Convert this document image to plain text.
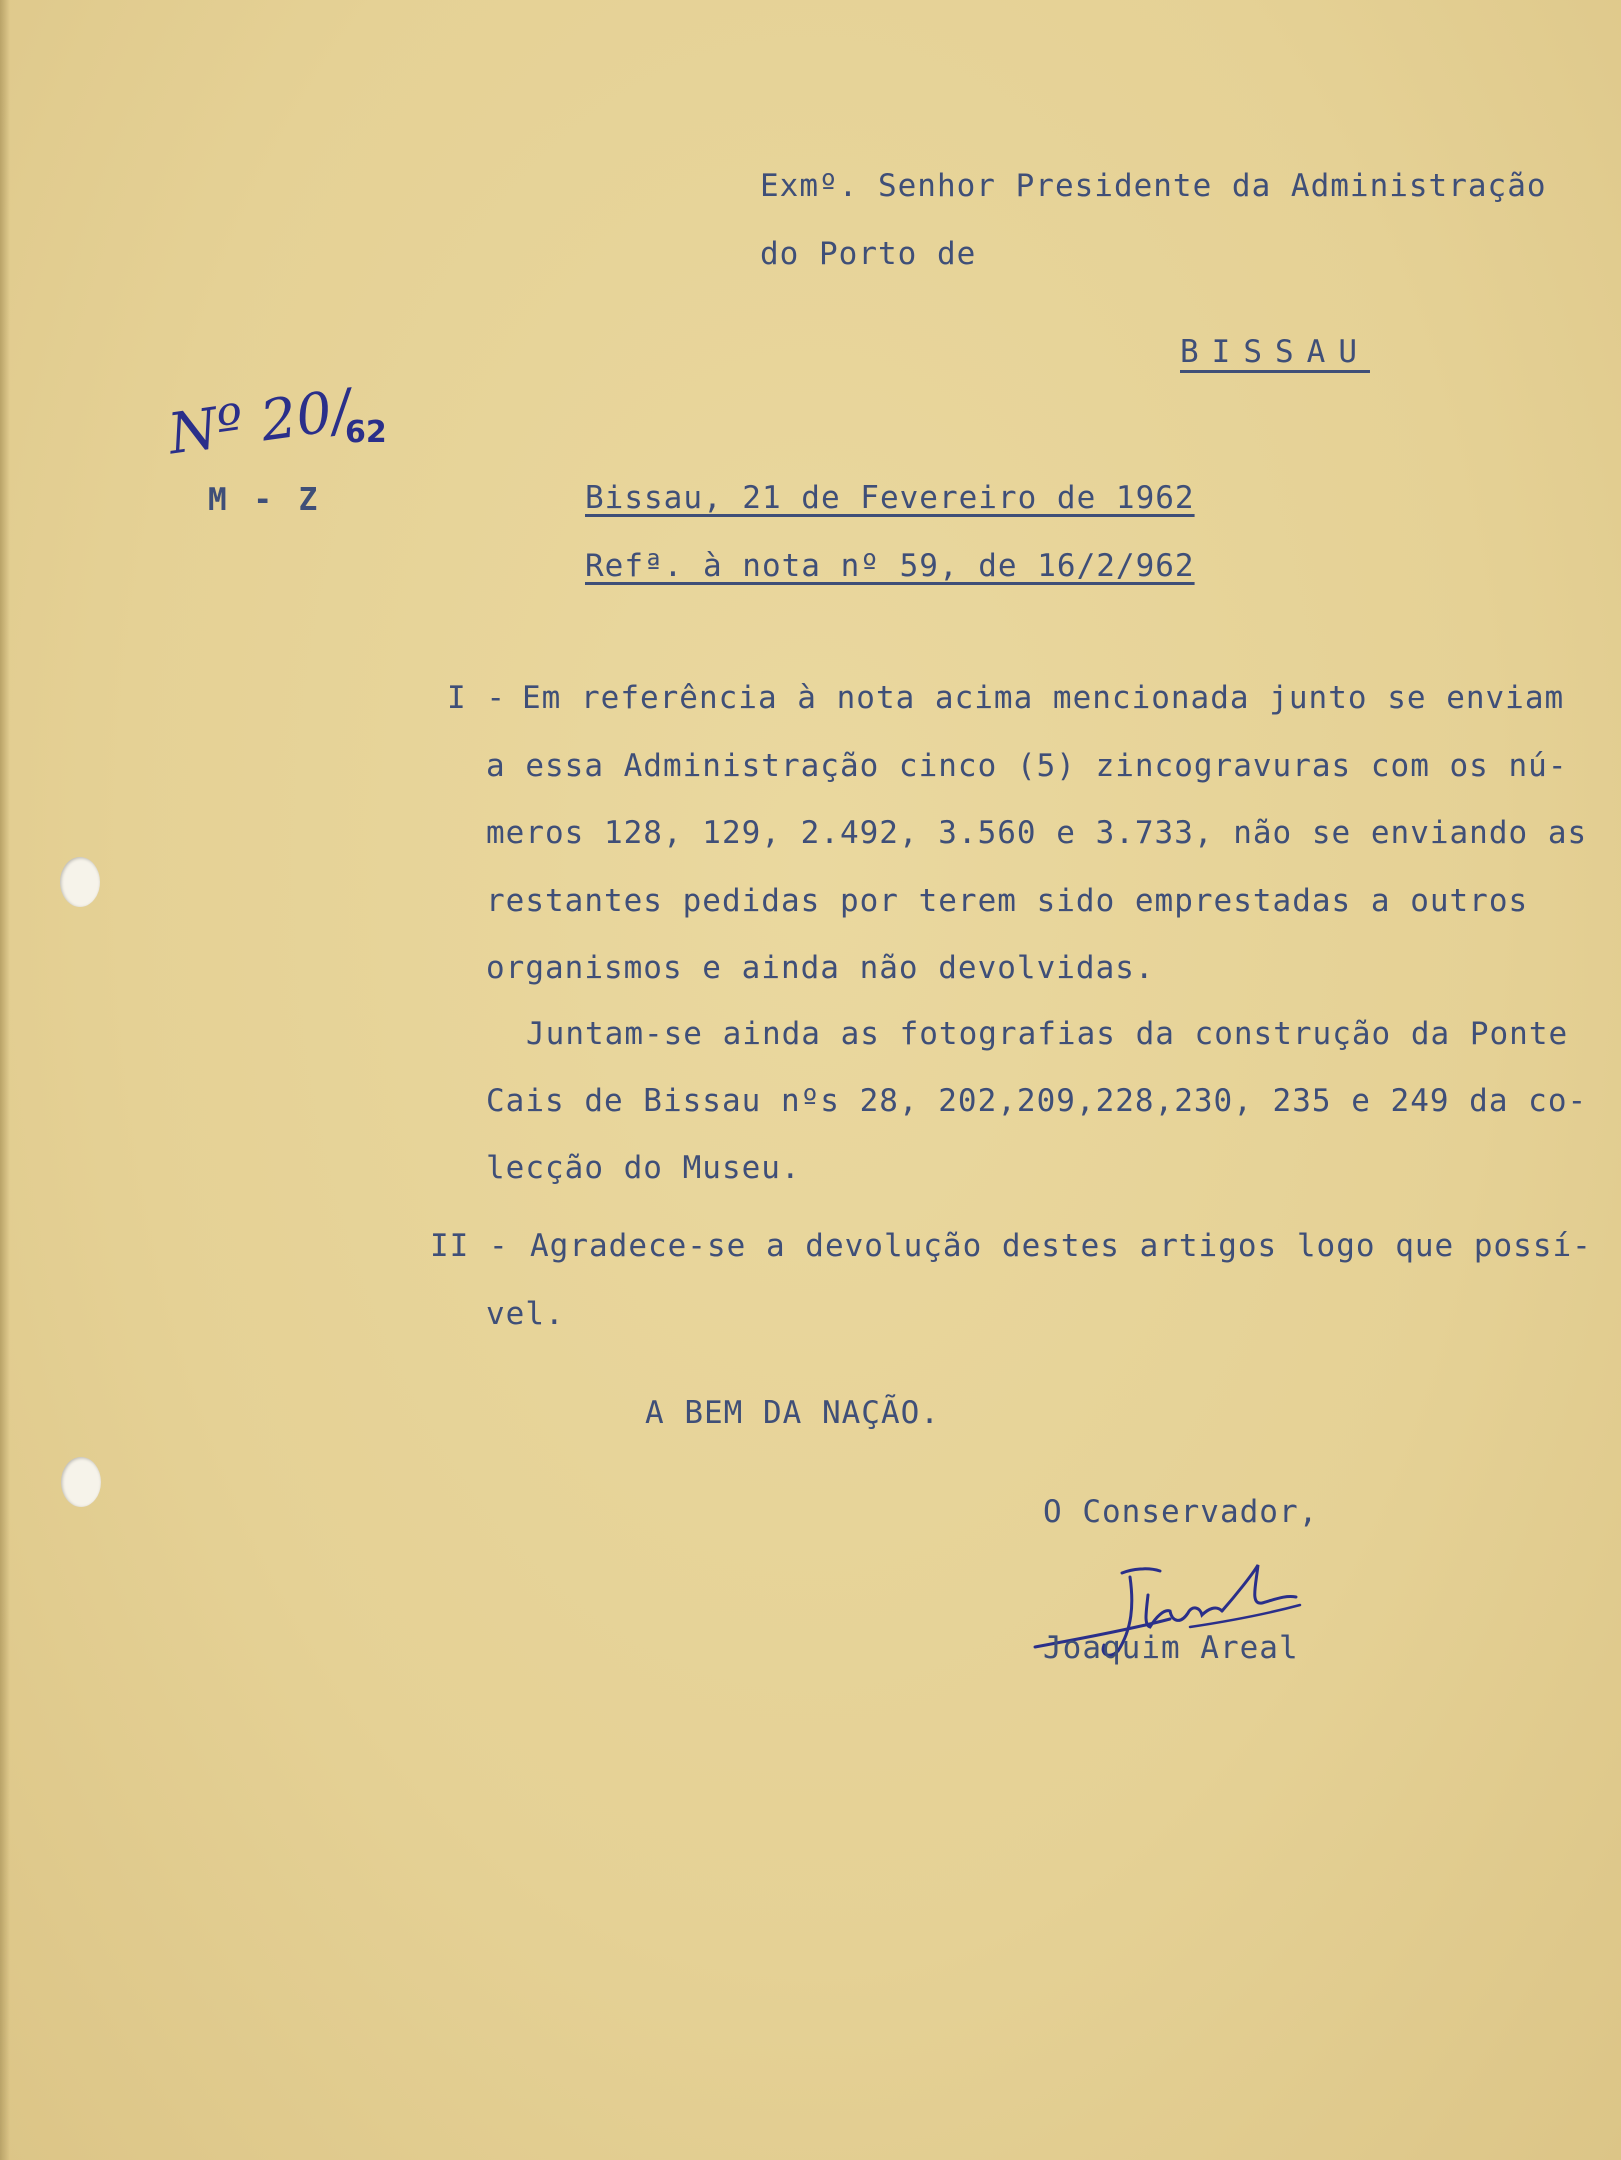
Exmº. Senhor Presidente da Administração
do Porto de
BISSAU
Nº 20/
62
M - Z	Bissau, 21 de Fevereiro de 1962
Refª. à nota nº 59, de 16/2/962
I - Em referência à nota acima mencionada junto se enviam
a essa Administração cinco (5) zincogravuras com os nú-
meros 128, 129, 2.492, 3.560 e 3.733, não se enviando as
restantes pedidas por terem sido emprestadas a outros
organismos e ainda não devolvidas.
Juntam-se ainda as fotografias da construção da Ponte
Cais de Bissau nºs 28, 202,209,228,230, 235 e 249 da co-
lecção do Museu.
II - Agradece-se a devolução destes artigos logo que possí-
vel.
A BEM DA NAÇÃO.
O Conservador,
Joaquim Areal
